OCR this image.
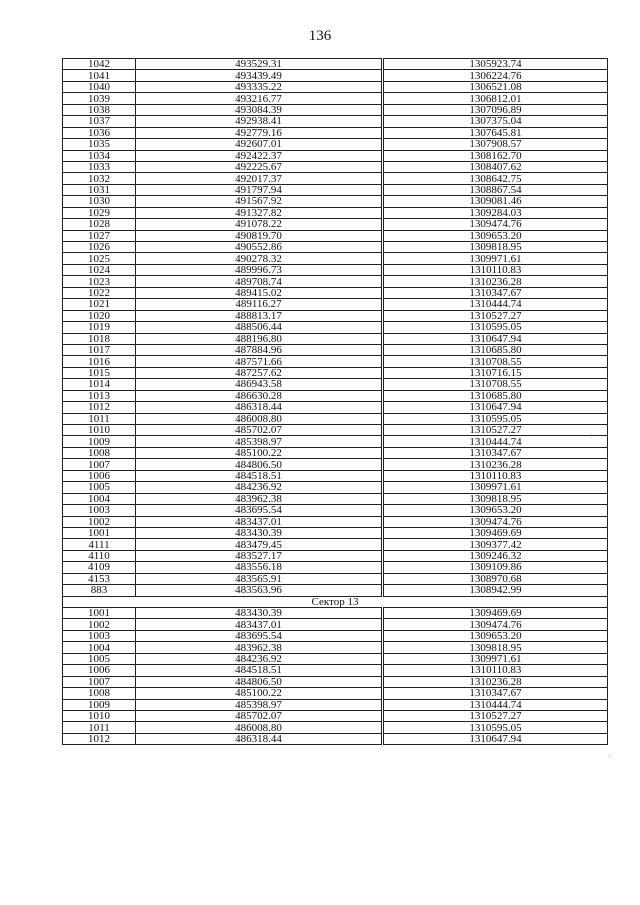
136
1042	493529.31	1305923.74
1041	493439.49	1306224.76
1040	493335.22	1306521.08
1039	493216.77	1306812.01
1038	493084.39	1307096.89
1037	492938.41	1307375.04
1036	492779.16	1307645.81
1035	492607.01	1307908.57
1034	492422.37	1308162.70
1033	492225.67	1308407.62
1032	492017.37	1308642.75
1031	491797.94	1308867.54
1030	491567.92	1309081.46
1029	491327.82	1309284.03
1028	491078.22	1309474.76
1027	490819.70	1309653.20
1026	490552.86	1309818.95
1025	490278.32	1309971.61
1024	489996.73	1310110.83
1023	489708.74	1310236.28
1022	489415.02	1310347.67
1021	489116.27	1310444.74
1020	488813.17	1310527.27
1019	488506.44	1310595.05
1018	488196.80	1310647.94
1017	487884.96	1310685.80
1016	487571.66	1310708.55
1015	487257.62	1310716.15
1014	486943.58	1310708.55
1013	486630.28	1310685.80
1012	486318.44	1310647.94
1011	486008.80	1310595.05
1010	485702.07	1310527.27
1009	485398.97	1310444.74
1008	485100.22	1310347.67
1007	484806.50	1310236.28
1006	484518.51	1310110.83
1005	484236.92	1309971.61
1004	483962.38	1309818.95
1003	483695.54	1309653.20
1002	483437.01	1309474.76
1001	483430.39	1309469.69
4111	483479.45	1309377.42
4110	483527.17	1309246.32
4109	483556.18	1309109.86
4153	483565.91	1308970.68
883	483563.96	1308942.99
Сектор 13		
1001	483430.39	1309469.69
1002	483437.01	1309474.76
1003	483695.54	1309653.20
1004	483962.38	1309818.95
1005	484236.92	1309971.61
1006	484518.51	1310110.83
1007	484806.50	1310236.28
1008	485100.22	1310347.67
1009	485398.97	1310444.74
1010	485702.07	1310527.27
1011	486008.80	1310595.05
1012	486318.44	1310647.94
·
·
